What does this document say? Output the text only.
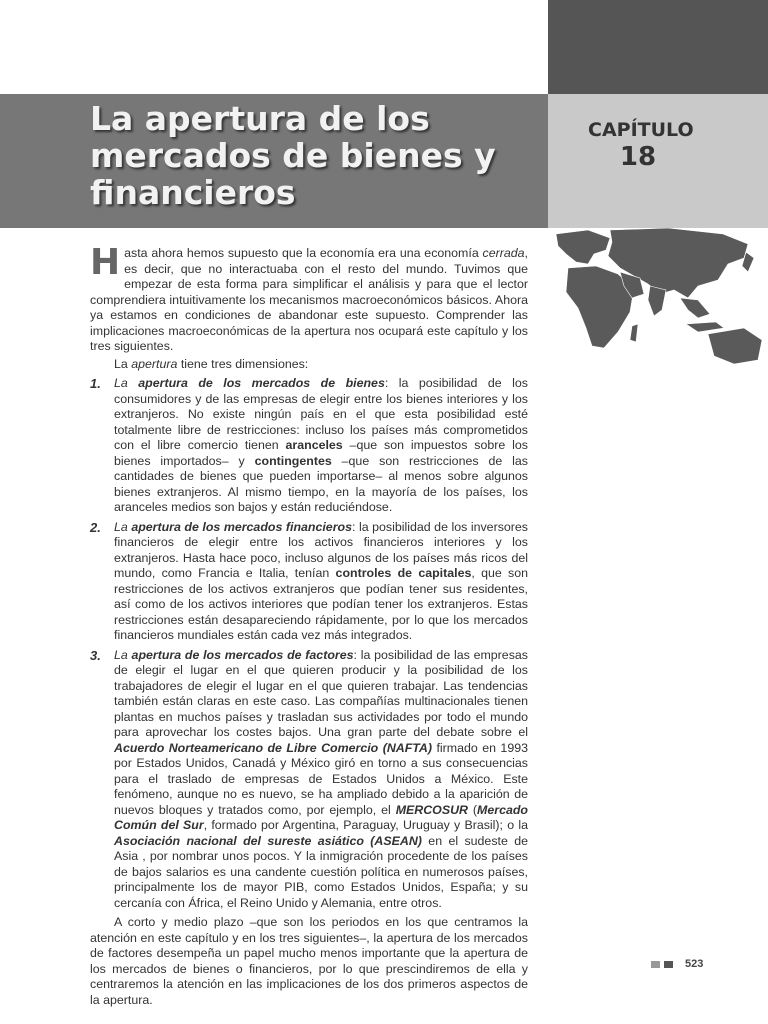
La apertura de los mercados de bienes y financieros
CAPÍTULO
18

Hasta ahora hemos supuesto que la economía era una economía cerrada, es decir, que no interactuaba con el resto del mundo. Tuvimos que empezar de esta forma para simplificar el análisis y para que el lector comprendiera intuitivamente los mecanismos macroeconómicos básicos. Ahora ya estamos en condiciones de abandonar este supuesto. Comprender las implicaciones macroeconómicas de la apertura nos ocupará este capítulo y los tres siguientes.

La apertura tiene tres dimensiones:

1. La apertura de los mercados de bienes: la posibilidad de los consumidores y de las empresas de elegir entre los bienes interiores y los extranjeros. No existe ningún país en el que esta posibilidad esté totalmente libre de restricciones: incluso los países más comprometidos con el libre comercio tienen aranceles –que son impuestos sobre los bienes importados– y contingentes –que son restricciones de las cantidades de bienes que pueden importarse– al menos sobre algunos bienes extranjeros. Al mismo tiempo, en la mayoría de los países, los aranceles medios son bajos y están reduciéndose.
2. La apertura de los mercados financieros: la posibilidad de los inversores financieros de elegir entre los activos financieros interiores y los extranjeros. Hasta hace poco, incluso algunos de los países más ricos del mundo, como Francia e Italia, tenían controles de capitales, que son restricciones de los activos extranjeros que podían tener sus residentes, así como de los activos interiores que podían tener los extranjeros. Estas restricciones están desapareciendo rápidamente, por lo que los mercados financieros mundiales están cada vez más integrados.
3. La apertura de los mercados de factores: la posibilidad de las empresas de elegir el lugar en el que quieren producir y la posibilidad de los trabajadores de elegir el lugar en el que quieren trabajar. Las tendencias también están claras en este caso. Las compañías multinacionales tienen plantas en muchos países y trasladan sus actividades por todo el mundo para aprovechar los costes bajos. Una gran parte del debate sobre el Acuerdo Norteamericano de Libre Comercio (NAFTA) firmado en 1993 por Estados Unidos, Canadá y México giró en torno a sus consecuencias para el traslado de empresas de Estados Unidos a México. Este fenómeno, aunque no es nuevo, se ha ampliado debido a la aparición de nuevos bloques y tratados como, por ejemplo, el MERCOSUR (Mercado Común del Sur, formado por Argentina, Paraguay, Uruguay y Brasil); o la Asociación nacional del sureste asiático (ASEAN) en el sudeste de Asia , por nombrar unos pocos. Y la inmigración procedente de los países de bajos salarios es una candente cuestión política en numerosos países, principalmente los de mayor PIB, como Estados Unidos, España; y su cercanía con África, el Reino Unido y Alemania, entre otros.

A corto y medio plazo –que son los periodos en los que centramos la atención en este capítulo y en los tres siguientes–, la apertura de los mercados de factores desempeña un papel mucho menos importante que la apertura de los mercados de bienes o financieros, por lo que prescindiremos de ella y centraremos la atención en las implicaciones de los dos primeros aspectos de la apertura.

523
